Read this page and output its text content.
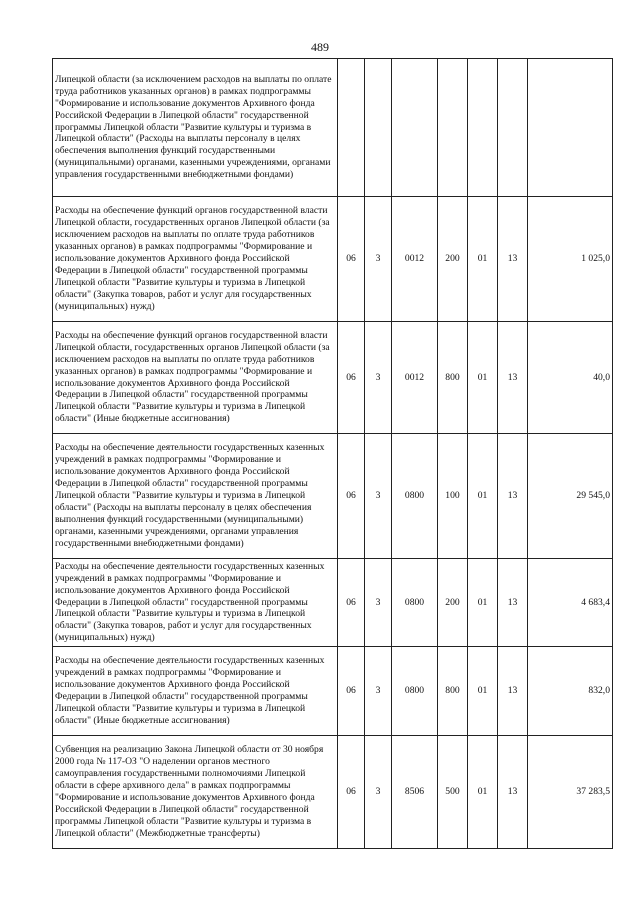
489
Липецкой области (за исключением расходов на выплаты по оплате труда работников указанных органов) в рамках подпрограммы "Формирование и использованиe документов Архивного фонда Российской Федерации в Липецкой области" государственной программы Липецкой области "Развитие культуры и туризма в Липецкой области" (Расходы на выплаты персоналу в целях обеспечения выполнения функций государственными (муниципальными) органами, казенными учреждениями, органами управления государственными внебюджетными фондами)							
Расходы на обеспечение функций органов государственной власти Липецкой области, государственных органов Липецкой области (за исключением расходов на выплаты по оплате труда работников указанных органов) в рамках подпрограммы "Формирование и использование документов Архивного фонда Российской Федерации в Липецкой области" государственной программы Липецкой области "Развитие культуры и туризма в Липецкой области" (Закупка товаров, работ и услуг для государственных (муниципальных) нужд)	06	3	0012	200	01	13	1 025,0
Расходы на обеспечение функций органов государственной власти Липецкой области, государственных органов Липецкой области (за исключением расходов на выплаты по оплате труда работников указанных органов) в рамках подпрограммы "Формирование и использование документов Архивного фонда Российской Федерации в Липецкой области" государственной программы Липецкой области "Развитие культуры и туризма в Липецкой области" (Иные бюджетные ассигнования)	06	3	0012	800	01	13	40,0
Расходы на обеспечение деятельности государственных казенных учреждений в рамках подпрограммы "Формирование и использование документов Архивного фонда Российской Федерации в Липецкой области" государственной программы Липецкой области "Развитие культуры и туризма в Липецкой области" (Расходы на выплаты персоналу в целях обеспечения выполнения функций государственными (муниципальными) органами, казенными учреждениями, органами управления государственными внебюджетными фондами)	06	3	0800	100	01	13	29 545,0
Расходы на обеспечение деятельности государственных казенных учреждений в рамках подпрограммы "Формирование и использование документов Архивного фонда Российской Федерации в Липецкой области" государственной программы Липецкой области "Развитие культуры и туризма в Липецкой области" (Закупка товаров, работ и услуг для государственных (муниципальных) нужд)	06	3	0800	200	01	13	4 683,4
Расходы на обеспечение деятельности государственных казенных учреждений в рамках подпрограммы "Формирование и использование документов Архивного фонда Российской Федерации в Липецкой области" государственной программы Липецкой области "Развитие культуры и туризма в Липецкой области" (Иные бюджетные ассигнования)	06	3	0800	800	01	13	832,0
Субвенция на реализацию Закона Липецкой области от 30 ноября 2000 года № 117-ОЗ "О наделении органов местного самоуправления государственными полномочиями Липецкой области в сфере архивного дела" в рамках подпрограммы "Формирование и использование документов Архивного фонда Российской Федерации в Липецкой области" государственной программы Липецкой области "Развитие культуры и туризма в Липецкой области" (Межбюджетные трансферты)	06	3	8506	500	01	13	37 283,5
